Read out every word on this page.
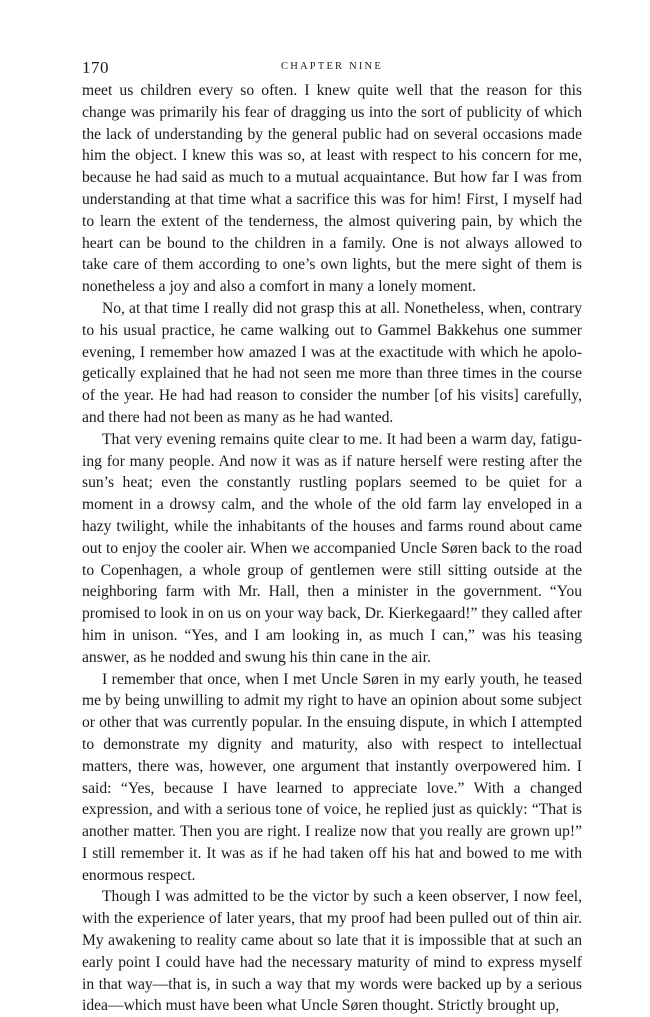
170	CHAPTER NINE

meet us children every so often. I knew quite well that the reason for this change was primarily his fear of dragging us into the sort of publicity of which the lack of understanding by the general public had on several occasions made him the object. I knew this was so, at least with respect to his concern for me, because he had said as much to a mutual acquaintance. But how far I was from understanding at that time what a sacrifice this was for him! First, I myself had to learn the extent of the tenderness, the almost quivering pain, by which the heart can be bound to the children in a family. One is not always allowed to take care of them according to one’s own lights, but the mere sight of them is nonetheless a joy and also a comfort in many a lonely moment.

No, at that time I really did not grasp this at all. Nonetheless, when, contrary to his usual practice, he came walking out to Gammel Bakkehus one summer evening, I remember how amazed I was at the exactitude with which he apologetically explained that he had not seen me more than three times in the course of the year. He had had reason to consider the number [of his visits] carefully, and there had not been as many as he had wanted.

That very evening remains quite clear to me. It had been a warm day, fatiguing for many people. And now it was as if nature herself were resting after the sun’s heat; even the constantly rustling poplars seemed to be quiet for a moment in a drowsy calm, and the whole of the old farm lay enveloped in a hazy twilight, while the inhabitants of the houses and farms round about came out to enjoy the cooler air. When we accompanied Uncle Søren back to the road to Copenhagen, a whole group of gentlemen were still sitting outside at the neighboring farm with Mr. Hall, then a minister in the government. “You promised to look in on us on your way back, Dr. Kierkegaard!” they called after him in unison. “Yes, and I am looking in, as much I can,” was his teasing answer, as he nodded and swung his thin cane in the air.

I remember that once, when I met Uncle Søren in my early youth, he teased me by being unwilling to admit my right to have an opinion about some subject or other that was currently popular. In the ensuing dispute, in which I attempted to demonstrate my dignity and maturity, also with respect to intellectual matters, there was, however, one argument that instantly overpowered him. I said: “Yes, because I have learned to appreciate love.” With a changed expression, and with a serious tone of voice, he replied just as quickly: “That is another matter. Then you are right. I realize now that you really are grown up!” I still remember it. It was as if he had taken off his hat and bowed to me with enormous respect.

Though I was admitted to be the victor by such a keen observer, I now feel, with the experience of later years, that my proof had been pulled out of thin air. My awakening to reality came about so late that it is impossible that at such an early point I could have had the necessary maturity of mind to express myself in that way—that is, in such a way that my words were backed up by a serious idea—which must have been what Uncle Søren thought. Strictly brought up,
